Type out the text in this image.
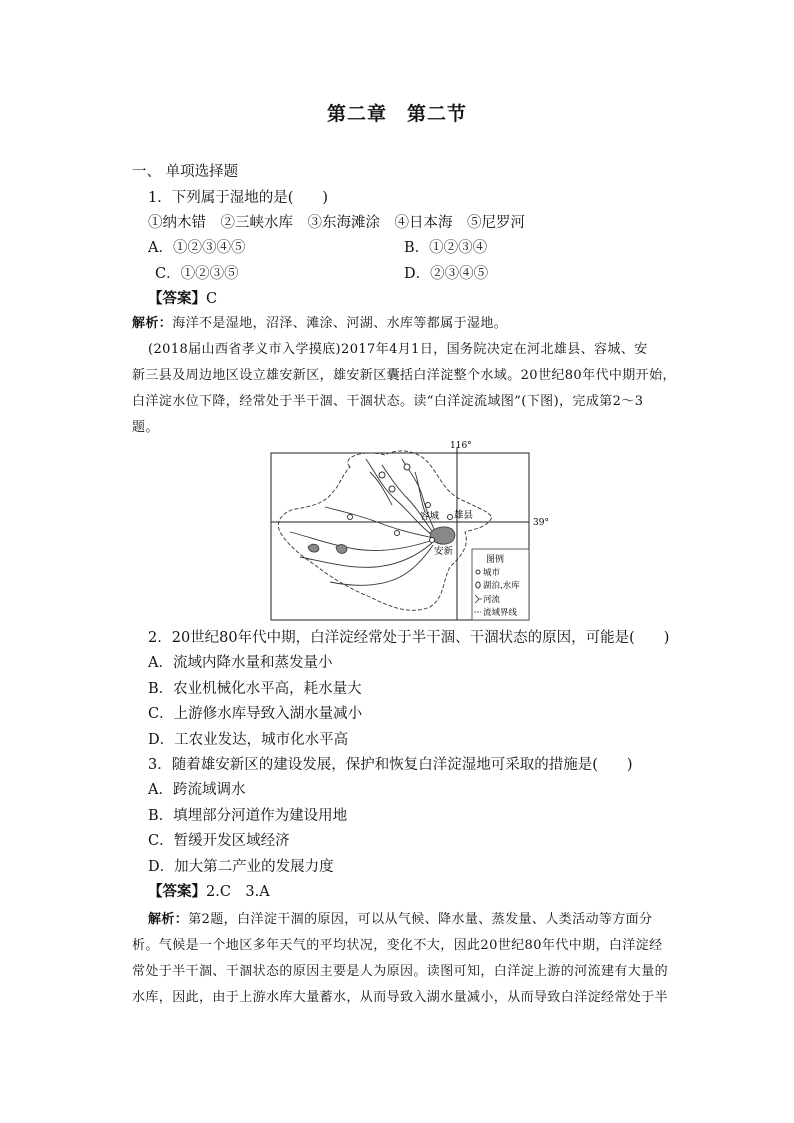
第二章　第二节
一、 单项选择题
1．下列属于湿地的是(　　)
①纳木错　②三峡水库　③东海滩涂　④日本海　⑤尼罗河
A．①②③④⑤	B．①②③④
C．①②③⑤	D．②③④⑤
【答案】C
解析：海洋不是湿地，沼泽、滩涂、河湖、水库等都属于湿地。
(2018届山西省孝义市入学摸底)2017年4月1日，国务院决定在河北雄县、容城、安
新三县及周边地区设立雄安新区，雄安新区囊括白洋淀整个水域。20世纪80年代中期开始，
白洋淀水位下降，经常处于半干涸、干涸状态。读“白洋淀流域图”(下图)，完成第2～3
题。
116°
39°
容城 雄县
安新
图例
城市
湖泊,水库
河流
流域界线
2．20世纪80年代中期，白洋淀经常处于半干涸、干涸状态的原因，可能是(　　)
A．流域内降水量和蒸发量小
B．农业机械化水平高，耗水量大
C．上游修水库导致入湖水量减小
D．工农业发达，城市化水平高
3．随着雄安新区的建设发展，保护和恢复白洋淀湿地可采取的措施是(　　)
A．跨流域调水
B．填埋部分河道作为建设用地
C．暂缓开发区域经济
D．加大第二产业的发展力度
【答案】2.C　3.A
解析：第2题，白洋淀干涸的原因，可以从气候、降水量、蒸发量、人类活动等方面分
析。气候是一个地区多年天气的平均状况，变化不大，因此20世纪80年代中期，白洋淀经
常处于半干涸、干涸状态的原因主要是人为原因。读图可知，白洋淀上游的河流建有大量的
水库，因此，由于上游水库大量蓄水，从而导致入湖水量减小，从而导致白洋淀经常处于半
